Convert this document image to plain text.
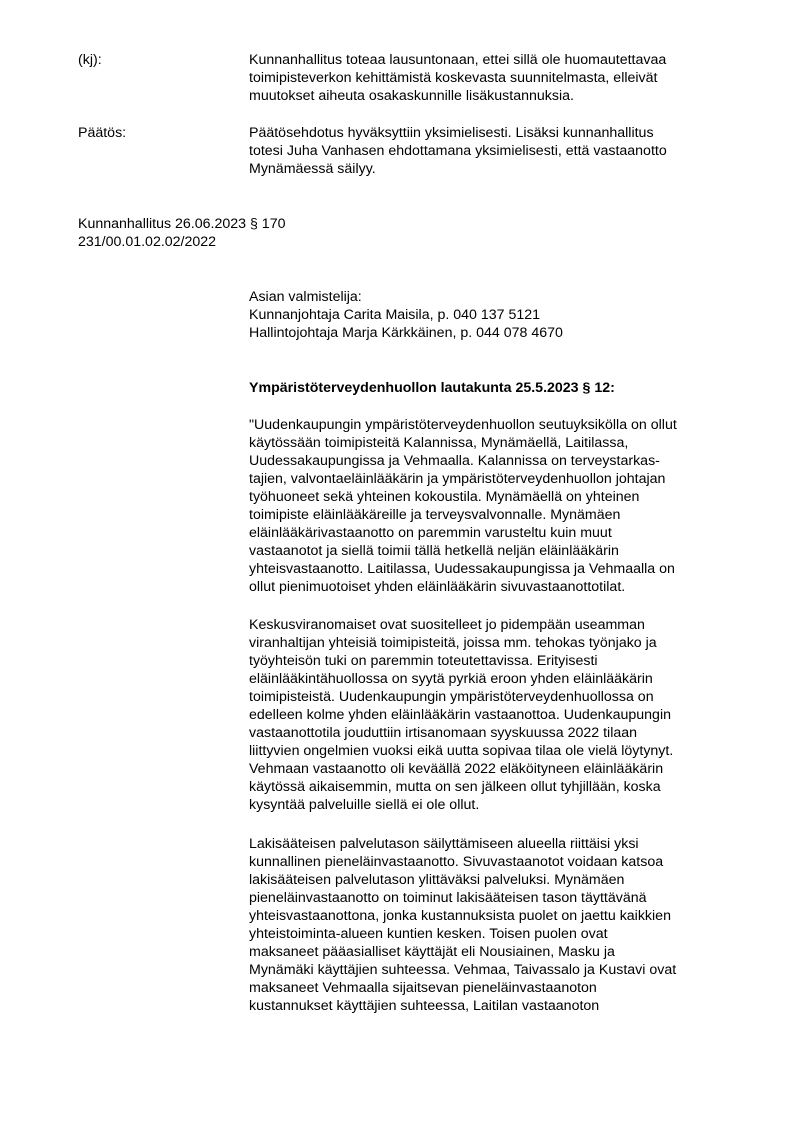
(kj):	Kunnanhallitus toteaa lausuntonaan, ettei sillä ole huomautettavaa
toimipisteverkon kehittämistä koskevasta suunnitelmasta, elleivät
muutokset aiheuta osakaskunnille lisäkustannuksia.
Päätös:	Päätösehdotus hyväksyttiin yksimielisesti. Lisäksi kunnanhallitus
totesi Juha Vanhasen ehdottamana yksimielisesti, että vastaanotto
Mynämäessä säilyy.
Kunnanhallitus 26.06.2023 § 170
231/00.01.02.02/2022
Asian valmistelija:
Kunnanjohtaja Carita Maisila, p. 040 137 5121
Hallintojohtaja Marja Kärkkäinen, p. 044 078 4670
Ympäristöterveydenhuollon lautakunta 25.5.2023 § 12:
"Uudenkaupungin ympäristöterveydenhuollon seutuyksikölla on ollut
käytössään toimipisteitä Kalannissa, Mynämäellä, Laitilassa,
Uudessakaupungissa ja Vehmaalla. Kalannissa on terveystarkas-
tajien, valvontaeläinlääkärin ja ympäristöterveydenhuollon johtajan
työhuoneet sekä yhteinen kokoustila. Mynämäellä on yhteinen
toimipiste eläinlääkäreille ja terveysvalvonnalle. Mynämäen
eläinlääkärivastaanotto on paremmin varusteltu kuin muut
vastaanotot ja siellä toimii tällä hetkellä neljän eläinlääkärin
yhteisvastaanotto. Laitilassa, Uudessakaupungissa ja Vehmaalla on
ollut pienimuotoiset yhden eläinlääkärin sivuvastaanottotilat.
Keskusviranomaiset ovat suositelleet jo pidempään useamman
viranhaltijan yhteisiä toimipisteitä, joissa mm. tehokas työnjako ja
työyhteisön tuki on paremmin toteutettavissa. Erityisesti
eläinlääkintähuollossa on syytä pyrkiä eroon yhden eläinlääkärin
toimipisteistä. Uudenkaupungin ympäristöterveydenhuollossa on
edelleen kolme yhden eläinlääkärin vastaanottoa. Uudenkaupungin
vastaanottotila jouduttiin irtisanomaan syyskuussa 2022 tilaan
liittyvien ongelmien vuoksi eikä uutta sopivaa tilaa ole vielä löytynyt.
Vehmaan vastaanotto oli keväällä 2022 eläköityneen eläinlääkärin
käytössä aikaisemmin, mutta on sen jälkeen ollut tyhjillään, koska
kysyntää palveluille siellä ei ole ollut.
Lakisääteisen palvelutason säilyttämiseen alueella riittäisi yksi
kunnallinen pieneläinvastaanotto. Sivuvastaanotot voidaan katsoa
lakisääteisen palvelutason ylittäväksi palveluksi. Mynämäen
pieneläinvastaanotto on toiminut lakisääteisen tason täyttävänä
yhteisvastaanottona, jonka kustannuksista puolet on jaettu kaikkien
yhteistoiminta-alueen kuntien kesken. Toisen puolen ovat
maksaneet pääasialliset käyttäjät eli Nousiainen, Masku ja
Mynämäki käyttäjien suhteessa. Vehmaa, Taivassalo ja Kustavi ovat
maksaneet Vehmaalla sijaitsevan pieneläinvastaanoton
kustannukset käyttäjien suhteessa, Laitilan vastaanoton
